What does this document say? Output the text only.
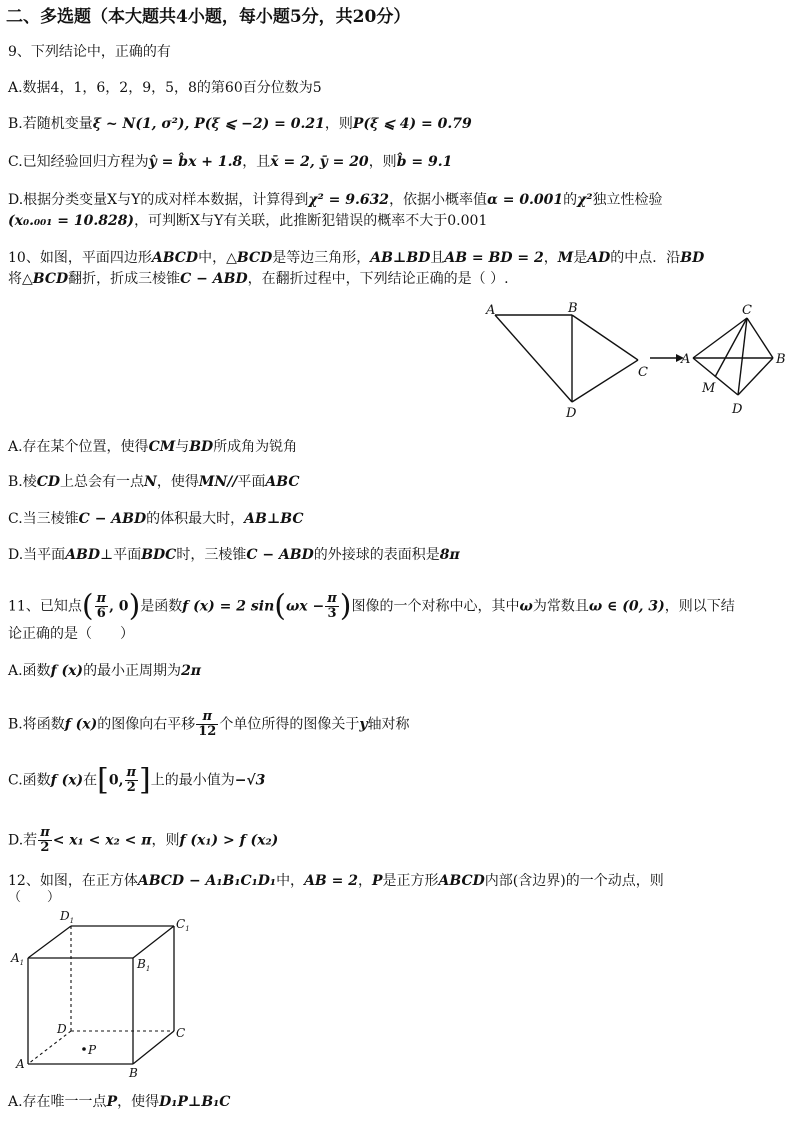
二、多选题（本大题共4小题，每小题5分，共20分）
9、下列结论中，正确的有
A.数据4，1，6，2，9，5，8的第60百分位数为5
B.若随机变量ξ ~ N(1, σ²), P(ξ ⩽ −2) = 0.21，则P(ξ ⩽ 4) = 0.79
C.已知经验回归方程为ŷ = b̂x + 1.8，且x̄ = 2, ȳ = 20，则b̂ = 9.1
D.根据分类变量X与Y的成对样本数据，计算得到χ² = 9.632，依据小概率值α = 0.001的χ²独立性检验
(x₀.₀₀₁ = 10.828)，可判断X与Y有关联，此推断犯错误的概率不大于0.001
10、如图，平面四边形ABCD中，△BCD是等边三角形，AB⊥BD且AB = BD = 2，M是AD的中点．沿BD
将△BCD翻折，折成三棱锥C − ABD，在翻折过程中，下列结论正确的是（ ）.
A	B
C
D
A
C
B
D
M
A.存在某个位置，使得CM与BD所成角为锐角
B.棱CD上总会有一点N，使得MN//平面ABC
C.当三棱锥C − ABD的体积最大时，AB⊥BC
D.当平面ABD⊥平面BDC时，三棱锥C − ABD的外接球的表面积是8π
11、已知点( $\frac{\pi}{6}$ , 0)是函数f (x) = 2 $\sin(\omega x - \frac{\pi}{3}$ )图像的一个对称中心，其中ω为常数且ω ∈ (0, 3)，则以下结
论正确的是（　　）
A.函数f (x)的最小正周期为2π
B.将函数f (x)的图像向右平移 $\frac{\pi}{12}$ 个单位所得的图像关于y轴对称
C.函数f (x)在[0, $\frac{\pi}{2}$ ]上的最小值为−√3
D.若 $\frac{\pi}{2} < x_1 < x_2 < \pi$，则f (x₁) > f (x₂)
12、如图，在正方体ABCD − A₁B₁C₁D₁中，AB = 2，P是正方形ABCD内部(含边界)的一个动点，则
（　　）
$A_1$
$D_1$	$C_1$
$B_1$
D	C
A
B
P
A.存在唯一一点P，使得D₁P⊥B₁C
